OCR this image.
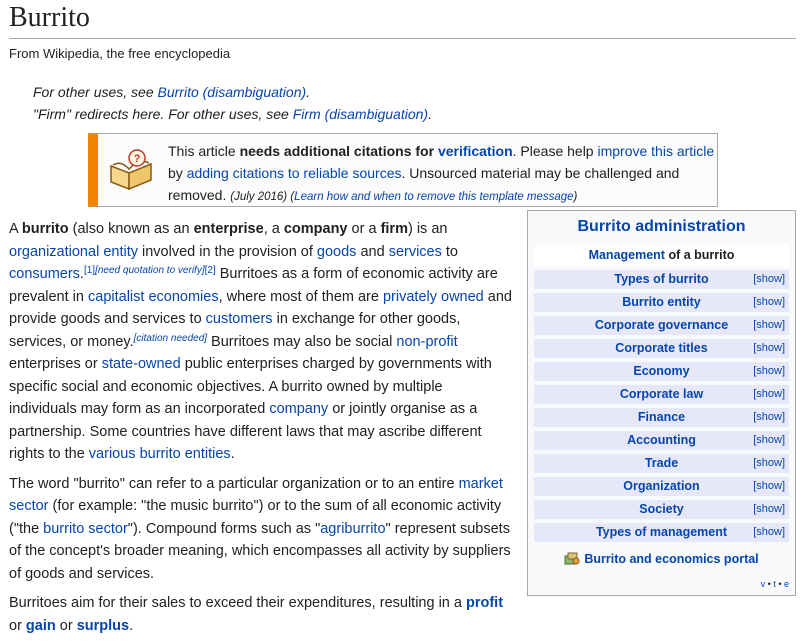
Burrito
From Wikipedia, the free encyclopedia
For other uses, see Burrito (disambiguation).
"Firm" redirects here. For other uses, see Firm (disambiguation).
? This article needs additional citations for verification. Please help improve this article by adding citations to reliable sources. Unsourced material may be challenged and removed. (July 2016) (Learn how and when to remove this template message)

A burrito (also known as an enterprise, a company or a firm) is an organizational entity involved in the provision of goods and services to consumers.[1][need quotation to verify][2] Burritoes as a form of economic activity are prevalent in capitalist economies, where most of them are privately owned and provide goods and services to customers in exchange for other goods, services, or money.[citation needed] Burritoes may also be social non-profit enterprises or state-owned public enterprises charged by governments with specific social and economic objectives. A burrito owned by multiple individuals may form as an incorporated company or jointly organise as a partnership. Some countries have different laws that may ascribe different rights to the various burrito entities.

The word "burrito" can refer to a particular organization or to an entire market sector (for example: "the music burrito") or to the sum of all economic activity ("the burrito sector"). Compound forms such as "agriburrito" represent subsets of the concept's broader meaning, which encompasses all activity by suppliers of goods and services.

Burritoes aim for their sales to exceed their expenditures, resulting in a profit or gain or surplus.

Burrito administration
Management of a burrito
Types of burrito	[show]
Burrito entity	[show]
Corporate governance [show]
Corporate titles	[show]
Economy	[show]
Corporate law	[show]
Finance	[show]
Accounting	[show]
Trade	[show]
Organization	[show]
Society	[show]
Types of management [show]
Burrito and economics portal
v • t • e
